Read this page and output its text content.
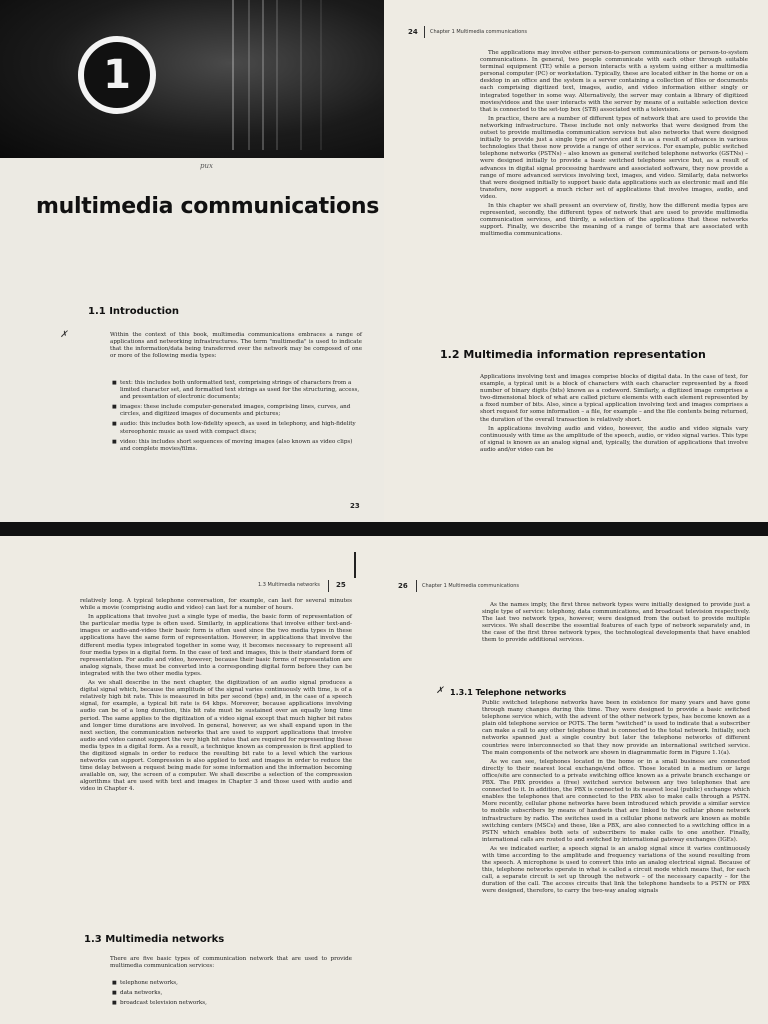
1
pux
multimedia communications
1.1 Introduction
✗	Within the context of this book, multimedia communications embraces a range of applications and networking infrastructures. The term "multimedia" is used to indicate that the information/data being transferred over the network may be composed of one or more of the following media types:

■ text: this includes both unformatted text, comprising strings of characters from a limited character set, and formatted text strings as used for the structuring, access, and presentation of electronic documents;
■ images: these include computer-generated images, comprising lines, curves, and circles, and digitized images of documents and pictures;
■ audio: this includes both low-fidelity speech, as used in telephony, and high-fidelity stereophonic music as used with compact discs;
■ video: this includes short sequences of moving images (also known as video clips) and complete movies/films.
23
24 Chapter 1 Multimedia communications

The applications may involve either person-to-person communications or person-to-system communications. In general, two people communicate with each other through suitable terminal equipment (TE) while a person interacts with a system using either a multimedia personal computer (PC) or workstation. Typically, these are located either in the home or on a desktop in an office and the system is a server containing a collection of files or documents each comprising digitized text, images, audio, and video information either singly or integrated together in some way. Alternatively, the server may contain a library of digitized movies/videos and the user interacts with the server by means of a suitable selection device that is connected to the set-top box (STB) associated with a television.

In practice, there are a number of different types of network that are used to provide the networking infrastructure. These include not only networks that were designed from the outset to provide multimedia communication services but also networks that were designed initially to provide just a single type of service and it is as a result of advances in various technologies that these now provide a range of other services. For example, public switched telephone networks (PSTNs) – also known as general switched telephone networks (GSTNs) – were designed initially to provide a basic switched telephone service but, as a result of advances in digital signal processing hardware and associated software, they now provide a range of more advanced services involving text, images, and video. Similarly, data networks that were designed initially to support basic data applications such as electronic mail and file transfers, now support a much richer set of applications that involve images, audio, and video.

In this chapter we shall present an overview of, firstly, how the different media types are represented, secondly, the different types of network that are used to provide multimedia communication services, and thirdly, a selection of the applications that these networks support. Finally, we describe the meaning of a range of terms that are associated with multimedia communications.

1.2 Multimedia information representation

Applications involving text and images comprise blocks of digital data. In the case of text, for example, a typical unit is a block of characters with each character represented by a fixed number of binary digits (bits) known as a codeword. Similarly, a digitized image comprises a two-dimensional block of what are called picture elements with each element represented by a fixed number of bits. Also, since a typical application involving text and images comprises a short request for some information – a file, for example – and the file contents being returned, the duration of the overall transaction is relatively short.

In applications involving audio and video, however, the audio and video signals vary continuously with time as the amplitude of the speech, audio, or video signal varies. This type of signal is known as an analog signal and, typically, the duration of applications that involve audio and/or video can be

1.3 Multimedia networks 25

relatively long. A typical telephone conversation, for example, can last for several minutes while a movie (comprising audio and video) can last for a number of hours.

In applications that involve just a single type of media, the basic form of representation of the particular media type is often used. Similarly, in applications that involve either text-and-images or audio-and-video their basic form is often used since the two media types in these applications have the same form of representation. However, in applications that involve the different media types integrated together in some way, it becomes necessary to represent all four media types in a digital form. In the case of text and images, this is their standard form of representation. For audio and video, however, because their basic forms of representation are analog signals, these must be converted into a corresponding digital form before they can be integrated with the two other media types.

As we shall describe in the next chapter, the digitization of an audio signal produces a digital signal which, because the amplitude of the signal varies continuously with time, is of a relatively high bit rate. This is measured in bits per second (bps) and, in the case of a speech signal, for example, a typical bit rate is 64 kbps. Moreover, because applications involving audio can be of a long duration, this bit rate must be sustained over an equally long time period. The same applies to the digitization of a video signal except that much higher bit rates and longer time durations are involved. In general, however, as we shall expand upon in the next section, the communication networks that are used to support applications that involve audio and video cannot support the very high bit rates that are required for representing these media types in a digital form. As a result, a technique known as compression is first applied to the digitized signals in order to reduce the resulting bit rate to a level which the various networks can support. Compression is also applied to text and images in order to reduce the time delay between a request being made for some information and the information becoming available on, say, the screen of a computer. We shall describe a selection of the compression algorithms that are used with text and images in Chapter 3 and those used with audio and video in Chapter 4.

1.3 Multimedia networks

There are five basic types of communication network that are used to provide multimedia communication services:

■ telephone networks,
■ data networks,
■ broadcast television networks,
26	Chapter 1 Multimedia communications

As the names imply, the first three network types were initially designed to provide just a single type of service: telephony, data communications, and broadcast television respectively. The last two network types, however, were designed from the outset to provide multiple services. We shall describe the essential features of each type of network separately and, in the case of the first three network types, the technological developments that have enabled them to provide additional services.

✗ 1.3.1 Telephone networks

Public switched telephone networks have been in existence for many years and have gone through many changes during this time. They were designed to provide a basic switched telephone service which, with the advent of the other network types, has become known as a plain old telephone service or POTS. The term "switched" is used to indicate that a subscriber can make a call to any other telephone that is connected to the total network. Initially, such networks spanned just a single country but later the telephone networks of different countries were interconnected so that they now provide an international switched service. The main components of the network are shown in diagrammatic form in Figure 1.1(a).

As we can see, telephones located in the home or in a small business are connected directly to their nearest local exchange/end office. Those located in a medium or large office/site are connected to a private switching office known as a private branch exchange or PBX. The PBX provides a (free) switched service between any two telephones that are connected to it. In addition, the PBX is connected to its nearest local (public) exchange which enables the telephones that are connected to the PBX also to make calls through a PSTN. More recently, cellular phone networks have been introduced which provide a similar service to mobile subscribers by means of handsets that are linked to the cellular phone network infrastructure by radio. The switches used in a cellular phone network are known as mobile switching centers (MSCs) and these, like a PBX, are also connected to a switching office in a PSTN which enables both sets of subscribers to make calls to one another. Finally, international calls are routed to and switched by international gateway exchanges (IGEs).

As we indicated earlier, a speech signal is an analog signal since it varies continuously with time according to the amplitude and frequency variations of the sound resulting from the speech. A microphone is used to convert this into an analog electrical signal. Because of this, telephone networks operate in what is called a circuit mode which means that, for each call, a separate circuit is set up through the network – of the necessary capacity – for the duration of the call. The access circuits that link the telephone handsets to a PSTN or PBX were designed, therefore, to carry the two-way analog signals
